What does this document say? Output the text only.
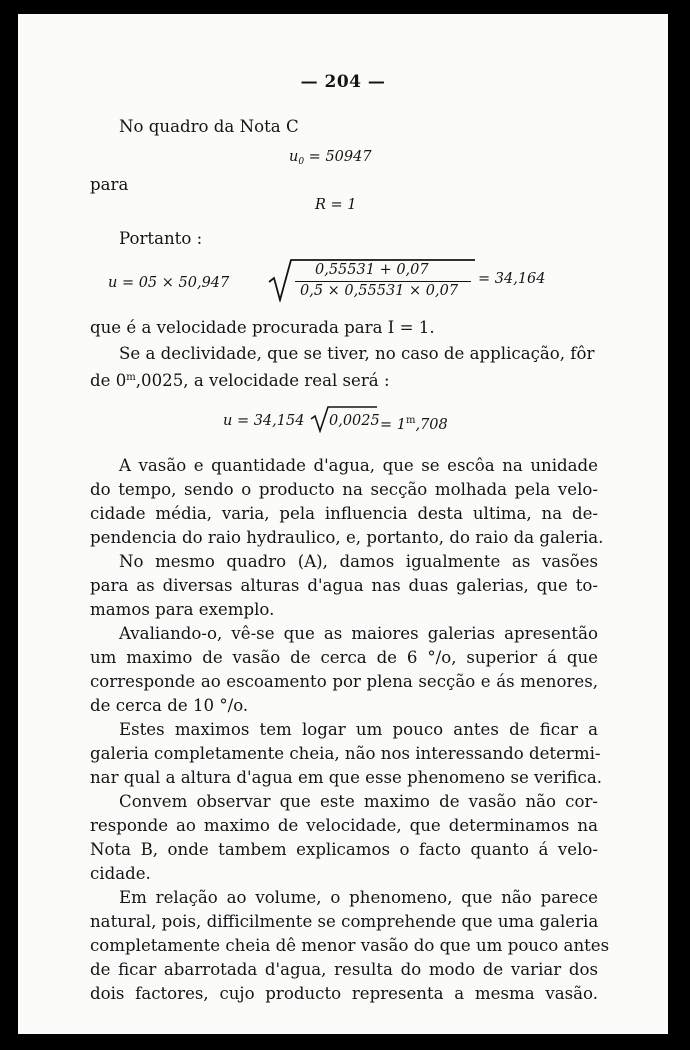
— 204 —
No quadro da Nota C
$u_0 = 50947$
para
R = 1
Portanto :
u = 05 × 50,947
0,55531 + 0,07
0,5 × 0,55531 × 0,07
= 34,164
que é a velocidade procurada para I = 1.
Se a declividade, que se tiver, no caso de applicação, fôr
de 0$^m$,0025, a velocidade real será :
u = 34,154 $0,0025 = 1^m,708$
A vasão e quantidade d'agua, que se escôa na unidade
do tempo, sendo o producto na secção molhada pela velo-
cidade média, varia, pela influencia desta ultima, na de-
pendencia do raio hydraulico, e, portanto, do raio da galeria.
No mesmo quadro (A), damos igualmente as vasões
para as diversas alturas d'agua nas duas galerias, que to-
mamos para exemplo.
Avaliando-o, vê-se que as maiores galerias apresentão
um maximo de vasão de cerca de 6 °/o, superior á que
corresponde ao escoamento por plena secção e ás menores,
de cerca de 10 °/o.
Estes maximos tem logar um pouco antes de ficar a
galeria completamente cheia, não nos interessando determi-
nar qual a altura d'agua em que esse phenomeno se verifica.
Convem observar que este maximo de vasão não cor-
responde ao maximo de velocidade, que determinamos na
Nota B, onde tambem explicamos o facto quanto á velo-
cidade.
Em relação ao volume, o phenomeno, que não parece
natural, pois, difficilmente se comprehende que uma galeria
completamente cheia dê menor vasão do que um pouco antes
de ficar abarrotada d'agua, resulta do modo de variar dos
dois factores, cujo producto representa a mesma vasão.
